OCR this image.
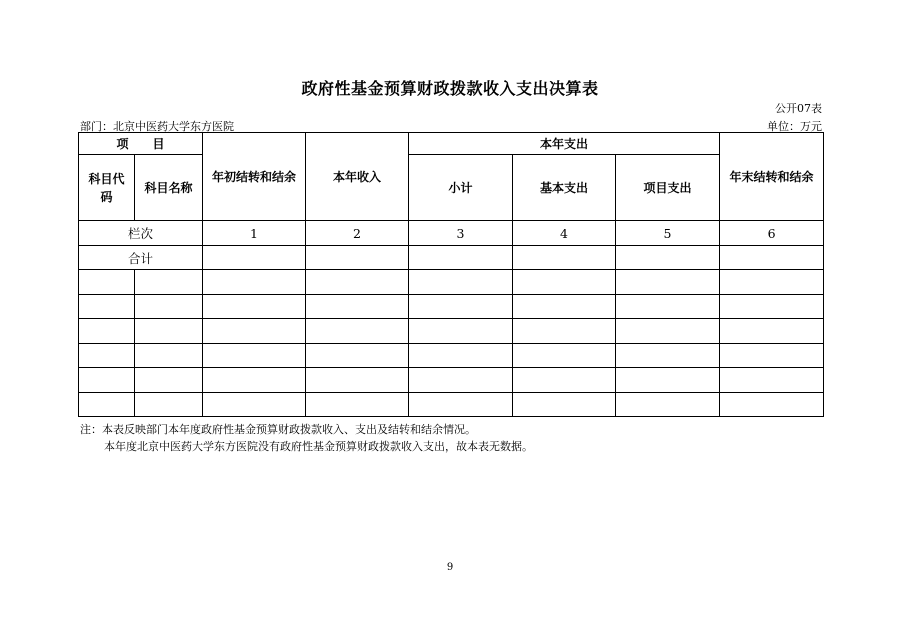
政府性基金预算财政拨款收入支出决算表
公开07表
部门：北京中医药大学东方医院	单位：万元
项　　目		年初结转和结余	本年收入	本年支出			年末结转和结余
科目代码	科目名称			小计	基本支出	项目支出	
栏次		1	2	3	4	5	6
合计							

注：本表反映部门本年度政府性基金预算财政拨款收入、支出及结转和结余情况。
本年度北京中医药大学东方医院没有政府性基金预算财政拨款收入支出，故本表无数据。
9
